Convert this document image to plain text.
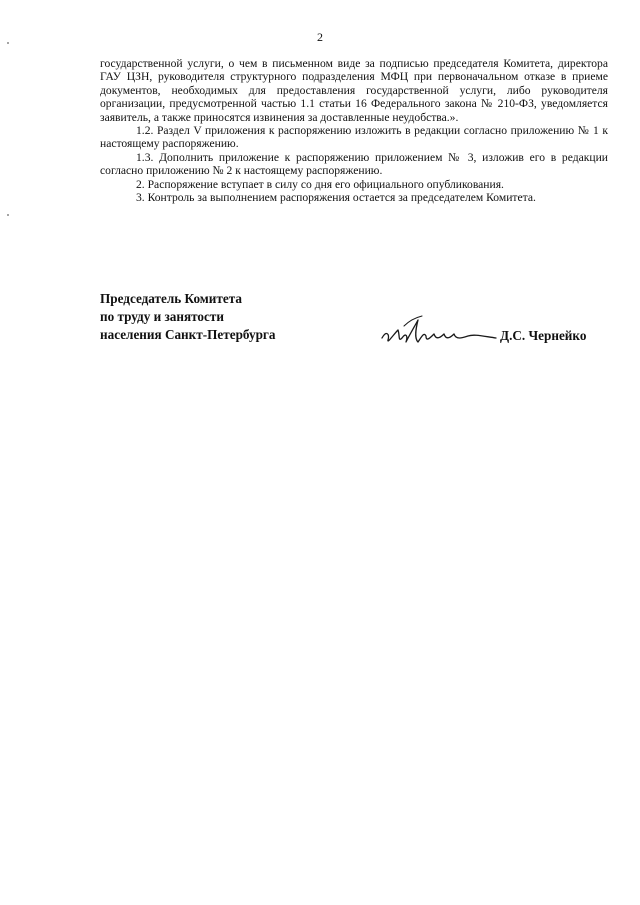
2

государственной услуги, о чем в письменном виде за подписью председателя Комитета, директора ГАУ ЦЗН, руководителя структурного подразделения МФЦ при первоначальном отказе в приеме документов, необходимых для предоставления государственной услуги, либо руководителя организации, предусмотренной частью 1.1 статьи 16 Федерального закона № 210-ФЗ, уведомляется заявитель, а также приносятся извинения за доставленные неудобства.».

1.2. Раздел V приложения к распоряжению изложить в редакции согласно приложению № 1 к настоящему распоряжению.

1.3. Дополнить приложение к распоряжению приложением № 3, изложив его в редакции согласно приложению № 2 к настоящему распоряжению.

2. Распоряжение вступает в силу со дня его официального опубликования.

3. Контроль за выполнением распоряжения остается за председателем Комитета.

Председатель Комитета
по труду и занятости
населения Санкт-Петербурга	Д.С. Чернейко
